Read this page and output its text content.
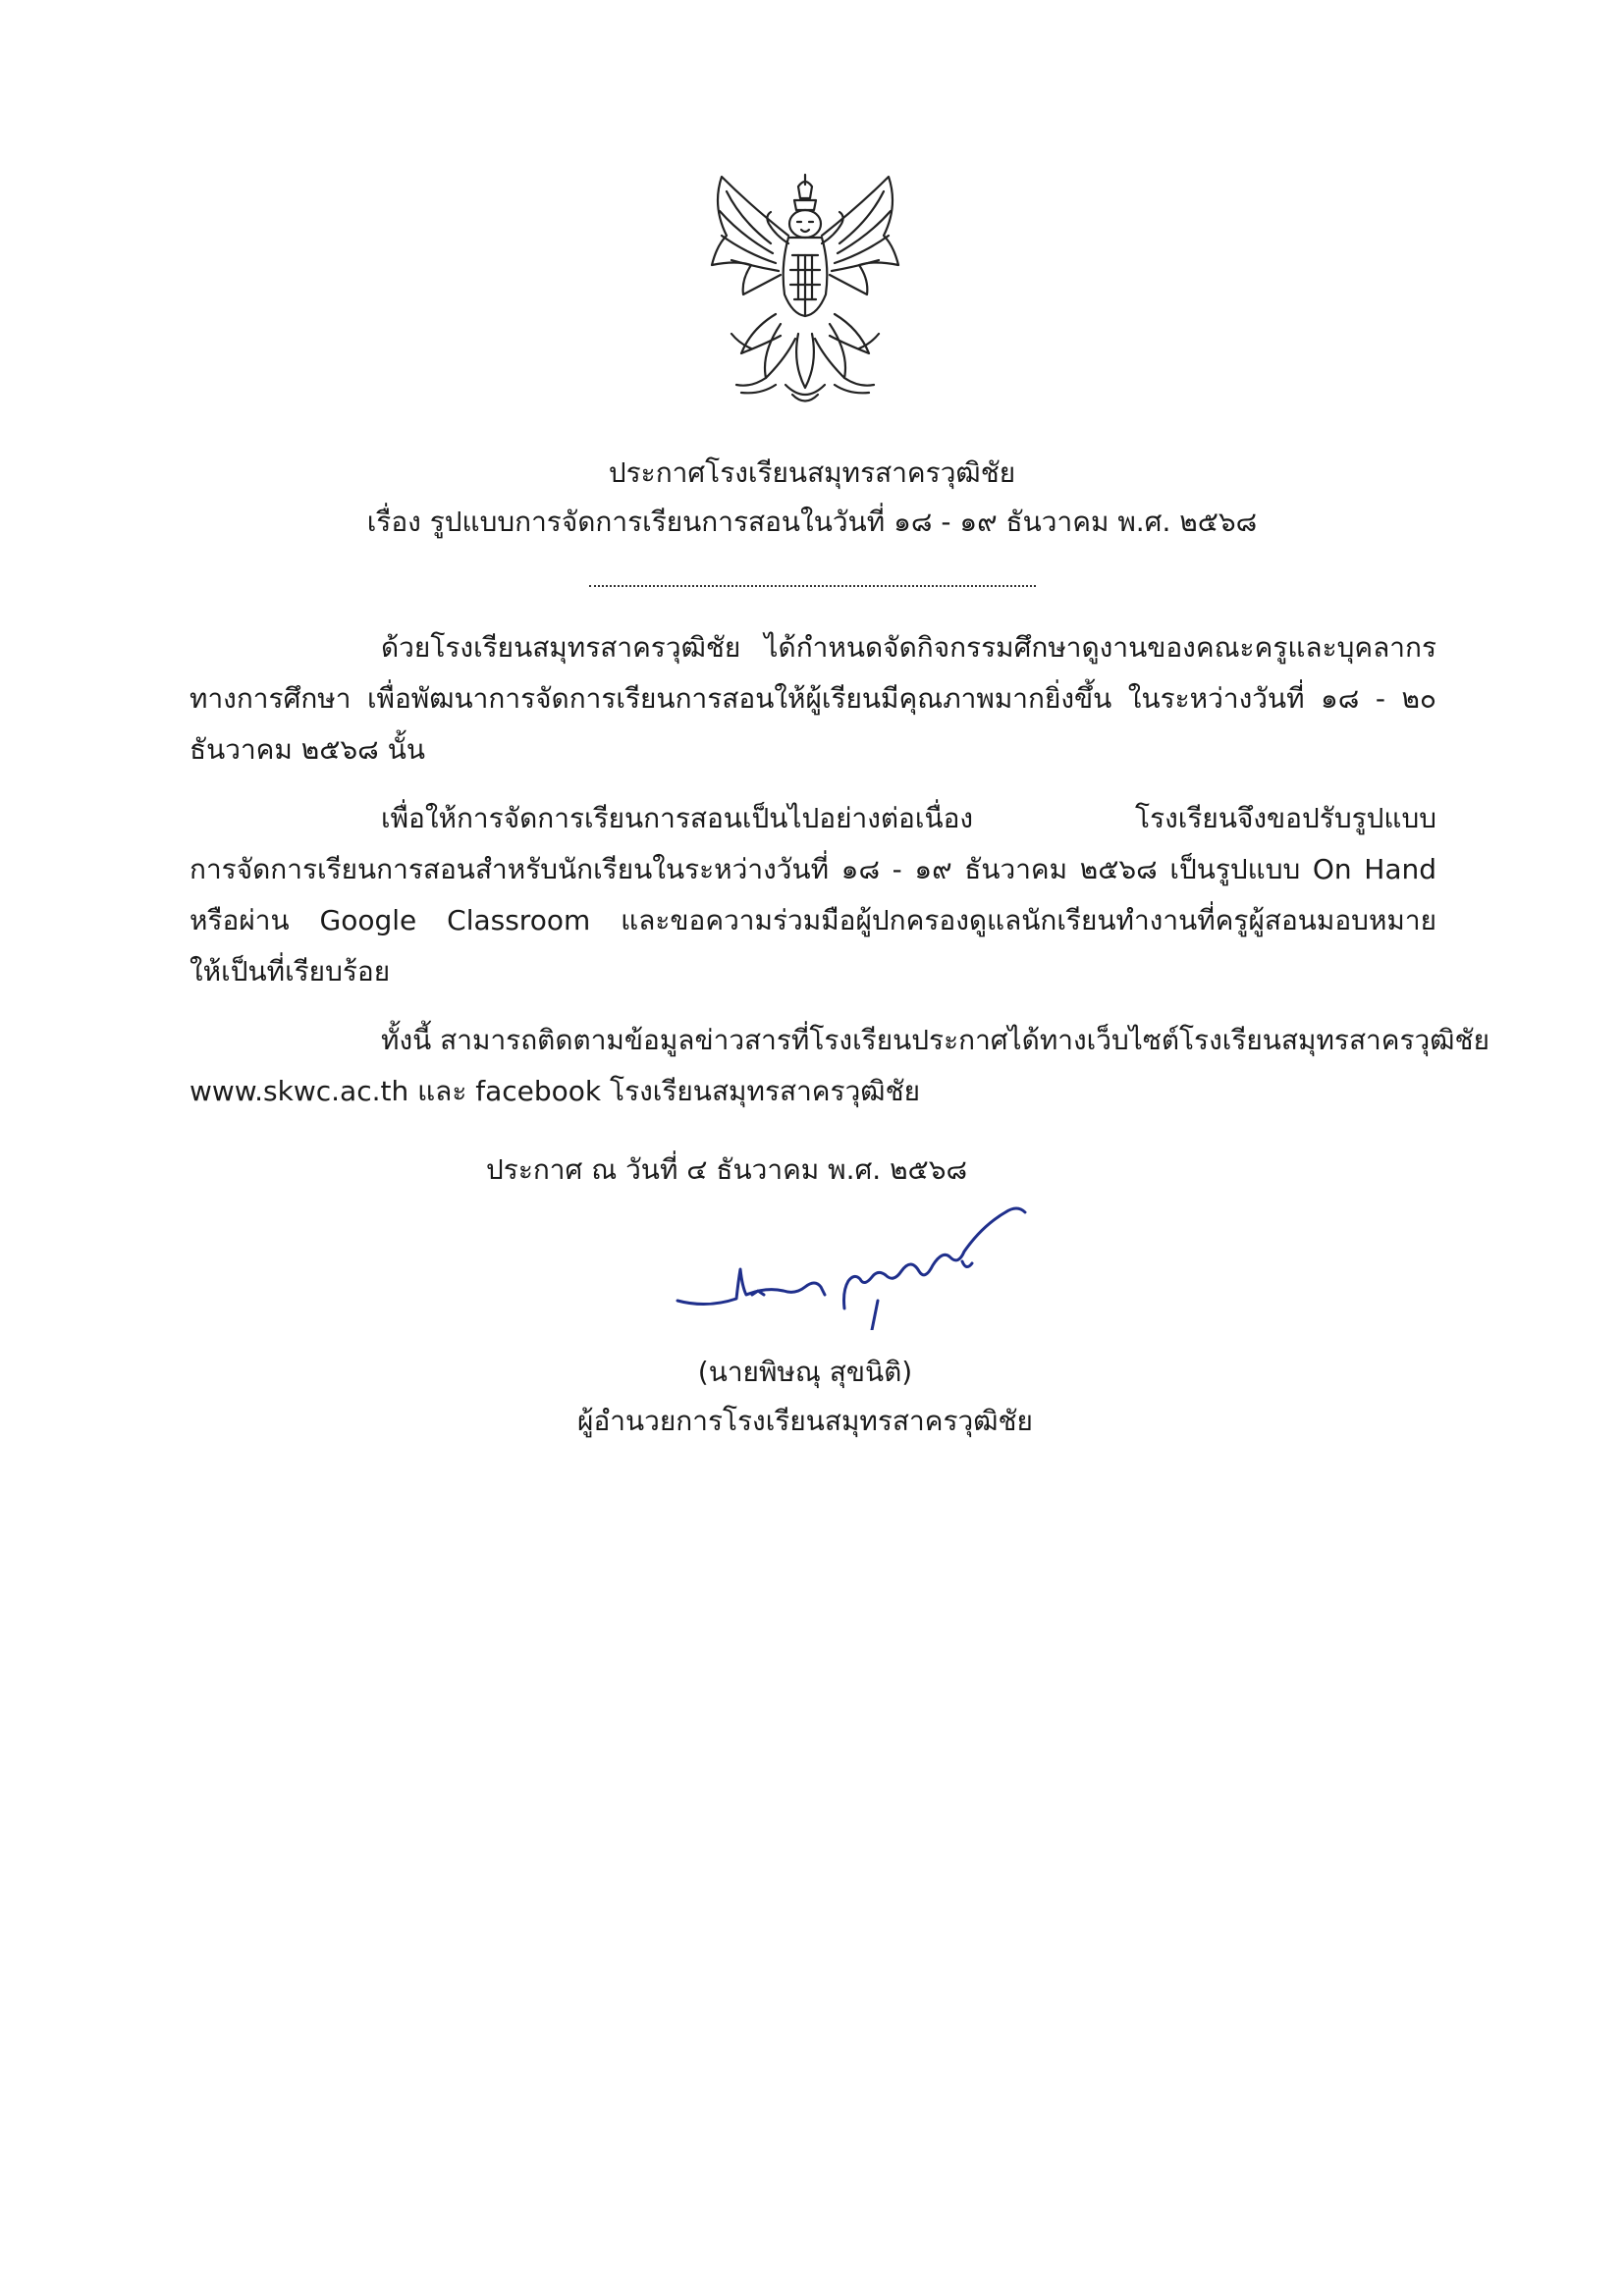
ประกาศโรงเรียนสมุทรสาครวุฒิชัย
เรื่อง รูปแบบการจัดการเรียนการสอนในวันที่ ๑๘ - ๑๙ ธันวาคม พ.ศ. ๒๕๖๘
ด้วยโรงเรียนสมุทรสาครวุฒิชัย ได้กำหนดจัดกิจกรรมศึกษาดูงานของคณะครูและบุคลากร
ทางการศึกษา เพื่อพัฒนาการจัดการเรียนการสอนให้ผู้เรียนมีคุณภาพมากยิ่งขึ้น ในระหว่างวันที่ ๑๘ - ๒๐
ธันวาคม ๒๕๖๘ นั้น
เพื่อให้การจัดการเรียนการสอนเป็นไปอย่างต่อเนื่อง โรงเรียนจึงขอปรับรูปแบบ
การจัดการเรียนการสอนสำหรับนักเรียนในระหว่างวันที่ ๑๘ - ๑๙ ธันวาคม ๒๕๖๘ เป็นรูปแบบ On Hand
หรือผ่าน Google Classroom และขอความร่วมมือผู้ปกครองดูแลนักเรียนทำงานที่ครูผู้สอนมอบหมาย
ให้เป็นที่เรียบร้อย
ทั้งนี้ สามารถติดตามข้อมูลข่าวสารที่โรงเรียนประกาศได้ทางเว็บไซต์โรงเรียนสมุทรสาครวุฒิชัย
www.skwc.ac.th และ facebook โรงเรียนสมุทรสาครวุฒิชัย
ประกาศ ณ วันที่ ๔ ธันวาคม พ.ศ. ๒๕๖๘
(นายพิษณุ สุขนิติ)
ผู้อำนวยการโรงเรียนสมุทรสาครวุฒิชัย
